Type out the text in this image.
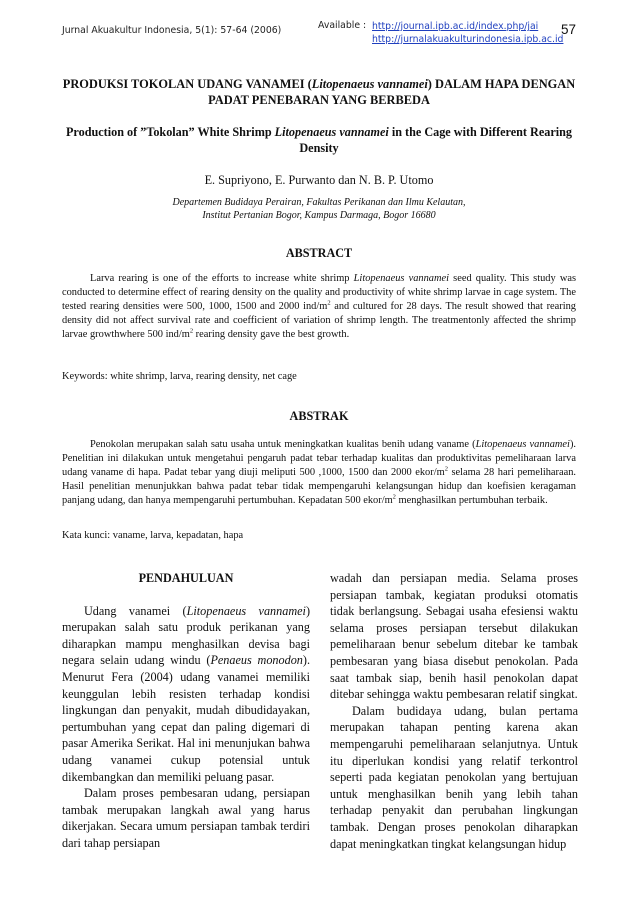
Jurnal Akuakultur Indonesia, 5(1): 57-64 (2006)	Available : http://journal.ipb.ac.id/index.php/jai
http://jurnalakuakulturindonesia.ipb.ac.id
57
PRODUKSI TOKOLAN UDANG VANAMEI (Litopenaeus vannamei) DALAM HAPA DENGAN PADAT PENEBARAN YANG BERBEDA
Production of ”Tokolan” White Shrimp Litopenaeus vannamei in the Cage with Different Rearing Density
E. Supriyono, E. Purwanto dan N. B. P. Utomo
Departemen Budidaya Perairan, Fakultas Perikanan dan Ilmu Kelautan,
Institut Pertanian Bogor, Kampus Darmaga, Bogor 16680
ABSTRACT

Larva rearing is one of the efforts to increase white shrimp Litopenaeus vannamei seed quality. This study was conducted to determine effect of rearing density on the quality and productivity of white shrimp larvae in cage system. The tested rearing densities were 500, 1000, 1500 and 2000 ind/$m^2$ and cultured for 28 days. The result showed that rearing density did not affect survival rate and coefficient of variation of shrimp length. The treatmentonly affected the shrimp larvae growthwhere 500 ind/$m^2$ rearing density gave the best growth.

Keywords: white shrimp, larva, rearing density, net cage
ABSTRAK

Penokolan merupakan salah satu usaha untuk meningkatkan kualitas benih udang vaname (Litopenaeus vannamei). Penelitian ini dilakukan untuk mengetahui pengaruh padat tebar terhadap kualitas dan produktivitas pemeliharaan larva udang vaname di hapa. Padat tebar yang diuji meliputi 500 ,1000, 1500 dan 2000 ekor/$m^2$ selama 28 hari pemeliharaan. Hasil penelitian menunjukkan bahwa padat tebar tidak mempengaruhi kelangsungan hidup dan koefisien keragaman panjang udang, dan hanya mempengaruhi pertumbuhan. Kepadatan 500 ekor/$m^2$ menghasilkan pertumbuhan terbaik.

Kata kunci: vaname, larva, kepadatan, hapa
PENDAHULUAN

Udang vanamei (Litopenaeus vannamei) merupakan salah satu produk perikanan yang diharapkan mampu menghasilkan devisa bagi negara selain udang windu (Penaeus monodon). Menurut Fera (2004) udang vanamei memiliki keunggulan lebih resisten terhadap kondisi lingkungan dan penyakit, mudah dibudidayakan, pertumbuhan yang cepat dan paling digemari di pasar Amerika Serikat. Hal ini menunjukan bahwa udang vanamei cukup potensial untuk dikembangkan dan memiliki peluang pasar.

Dalam proses pembesaran udang, persiapan tambak merupakan langkah awal yang harus dikerjakan. Secara umum persiapan tambak terdiri dari tahap persiapan

wadah dan persiapan media. Selama proses persiapan tambak, kegiatan produksi otomatis tidak berlangsung. Sebagai usaha efesiensi waktu selama proses persiapan tersebut dilakukan pemeliharaan benur sebelum ditebar ke tambak pembesaran yang biasa disebut penokolan. Pada saat tambak siap, benih hasil penokolan dapat ditebar sehingga waktu pembesaran relatif singkat.

Dalam budidaya udang, bulan pertama merupakan tahapan penting karena akan mempengaruhi pemeliharaan selanjutnya. Untuk itu diperlukan kondisi yang relatif terkontrol seperti pada kegiatan penokolan yang bertujuan untuk menghasilkan benih yang lebih tahan terhadap penyakit dan perubahan lingkungan tambak. Dengan proses penokolan diharapkan dapat meningkatkan tingkat kelangsungan hidup
